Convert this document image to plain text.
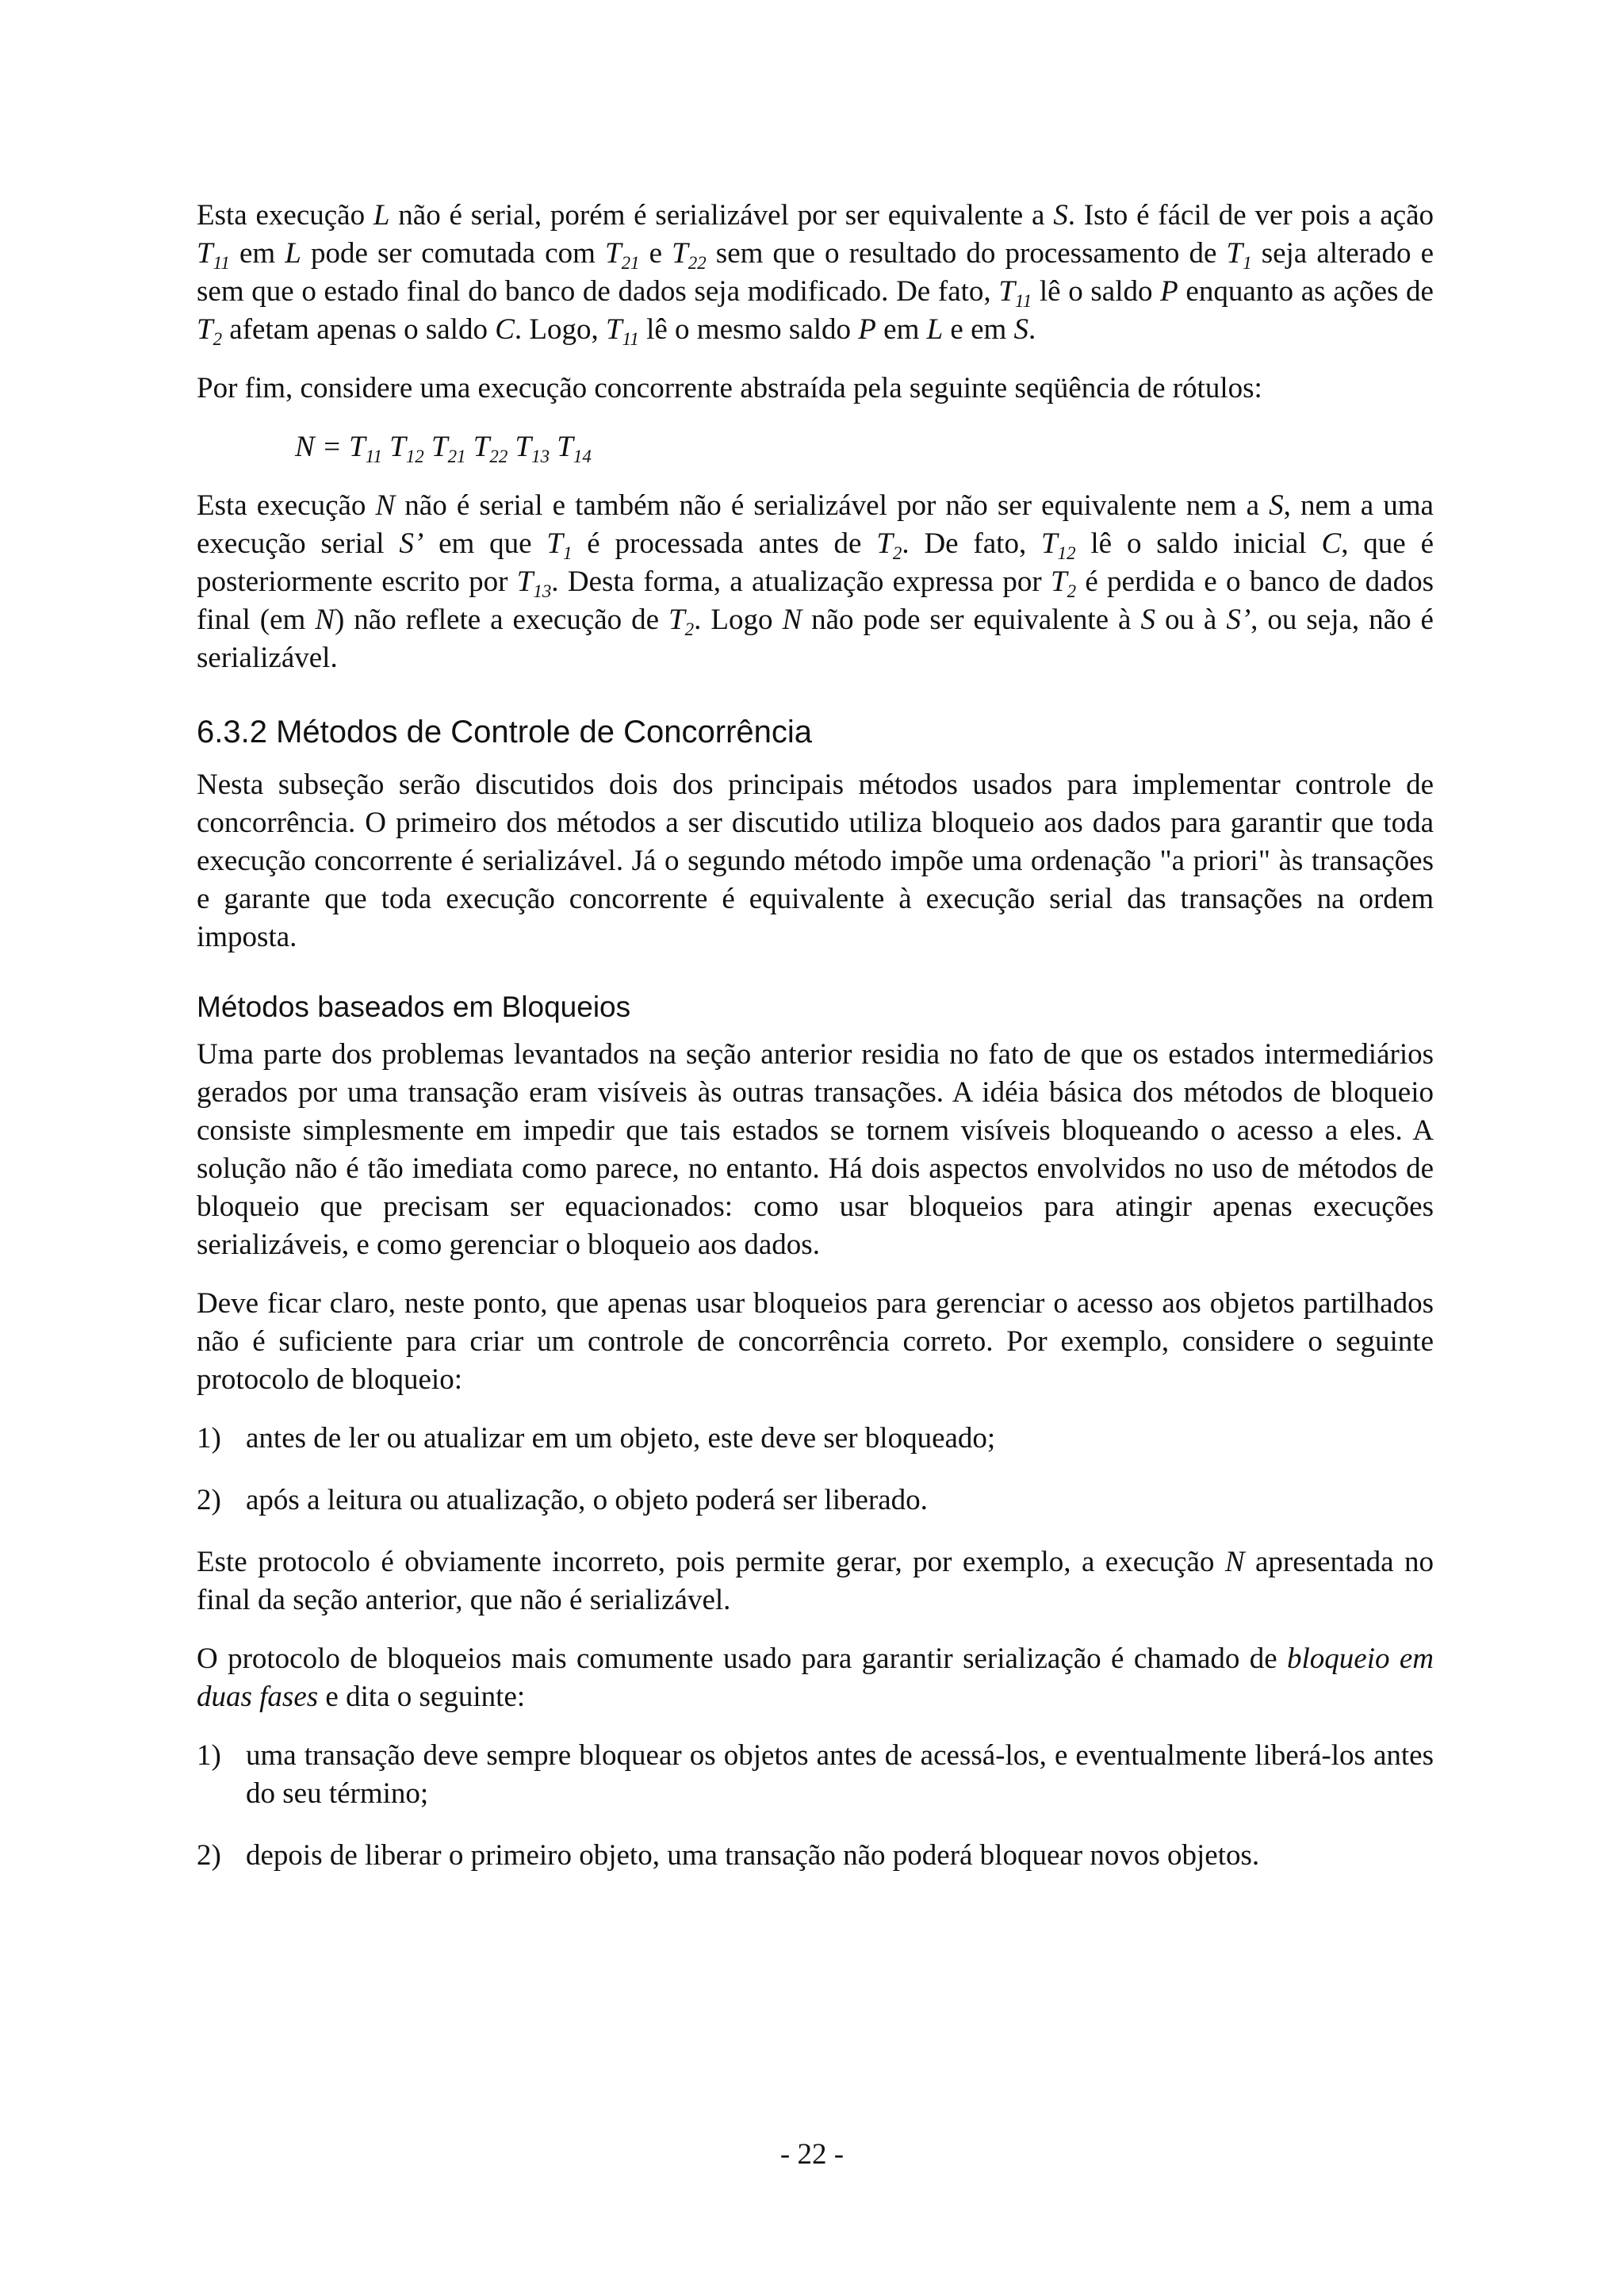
Esta execução L não é serial, porém é serializável por ser equivalente a S. Isto é fácil de ver pois a ação $T_{11}$ em L pode ser comutada com $T_{21}$ e $T_{22}$ sem que o resultado do processamento de $T_1$ seja alterado e sem que o estado final do banco de dados seja modificado. De fato, $T_{11}$ lê o saldo P enquanto as ações de $T_2$ afetam apenas o saldo C. Logo, $T_{11}$ lê o mesmo saldo P em L e em S.

Por fim, considere uma execução concorrente abstraída pela seguinte seqüência de rótulos:

$N = T_{11}$ $T_{12}$ $T_{21}$ $T_{22}$ $T_{13}$ $T_{14}$

Esta execução N não é serial e também não é serializável por não ser equivalente nem a S, nem a uma execução serial S’ em que $T_1$ é processada antes de $T_2$. De fato, $T_{12}$ lê o saldo inicial C, que é posteriormente escrito por $T_{13}$. Desta forma, a atualização expressa por $T_2$ é perdida e o banco de dados final (em N) não reflete a execução de $T_2$. Logo N não pode ser equivalente à S ou à S’, ou seja, não é serializável.

6.3.2 Métodos de Controle de Concorrência

Nesta subseção serão discutidos dois dos principais métodos usados para implementar controle de concorrência. O primeiro dos métodos a ser discutido utiliza bloqueio aos dados para garantir que toda execução concorrente é serializável. Já o segundo método impõe uma ordenação "a priori" às transações e garante que toda execução concorrente é equivalente à execução serial das transações na ordem imposta.

Métodos baseados em Bloqueios

Uma parte dos problemas levantados na seção anterior residia no fato de que os estados intermediários gerados por uma transação eram visíveis às outras transações. A idéia básica dos métodos de bloqueio consiste simplesmente em impedir que tais estados se tornem visíveis bloqueando o acesso a eles. A solução não é tão imediata como parece, no entanto. Há dois aspectos envolvidos no uso de métodos de bloqueio que precisam ser equacionados: como usar bloqueios para atingir apenas execuções serializáveis, e como gerenciar o bloqueio aos dados.

Deve ficar claro, neste ponto, que apenas usar bloqueios para gerenciar o acesso aos objetos partilhados não é suficiente para criar um controle de concorrência correto. Por exemplo, considere o seguinte protocolo de bloqueio:

1) antes de ler ou atualizar em um objeto, este deve ser bloqueado;
2) após a leitura ou atualização, o objeto poderá ser liberado.

Este protocolo é obviamente incorreto, pois permite gerar, por exemplo, a execução N apresentada no final da seção anterior, que não é serializável.

O protocolo de bloqueios mais comumente usado para garantir serialização é chamado de bloqueio em duas fases e dita o seguinte:

1) uma transação deve sempre bloquear os objetos antes de acessá-los, e eventualmente liberá-los antes do seu término;
2) depois de liberar o primeiro objeto, uma transação não poderá bloquear novos objetos.
- 22 -
